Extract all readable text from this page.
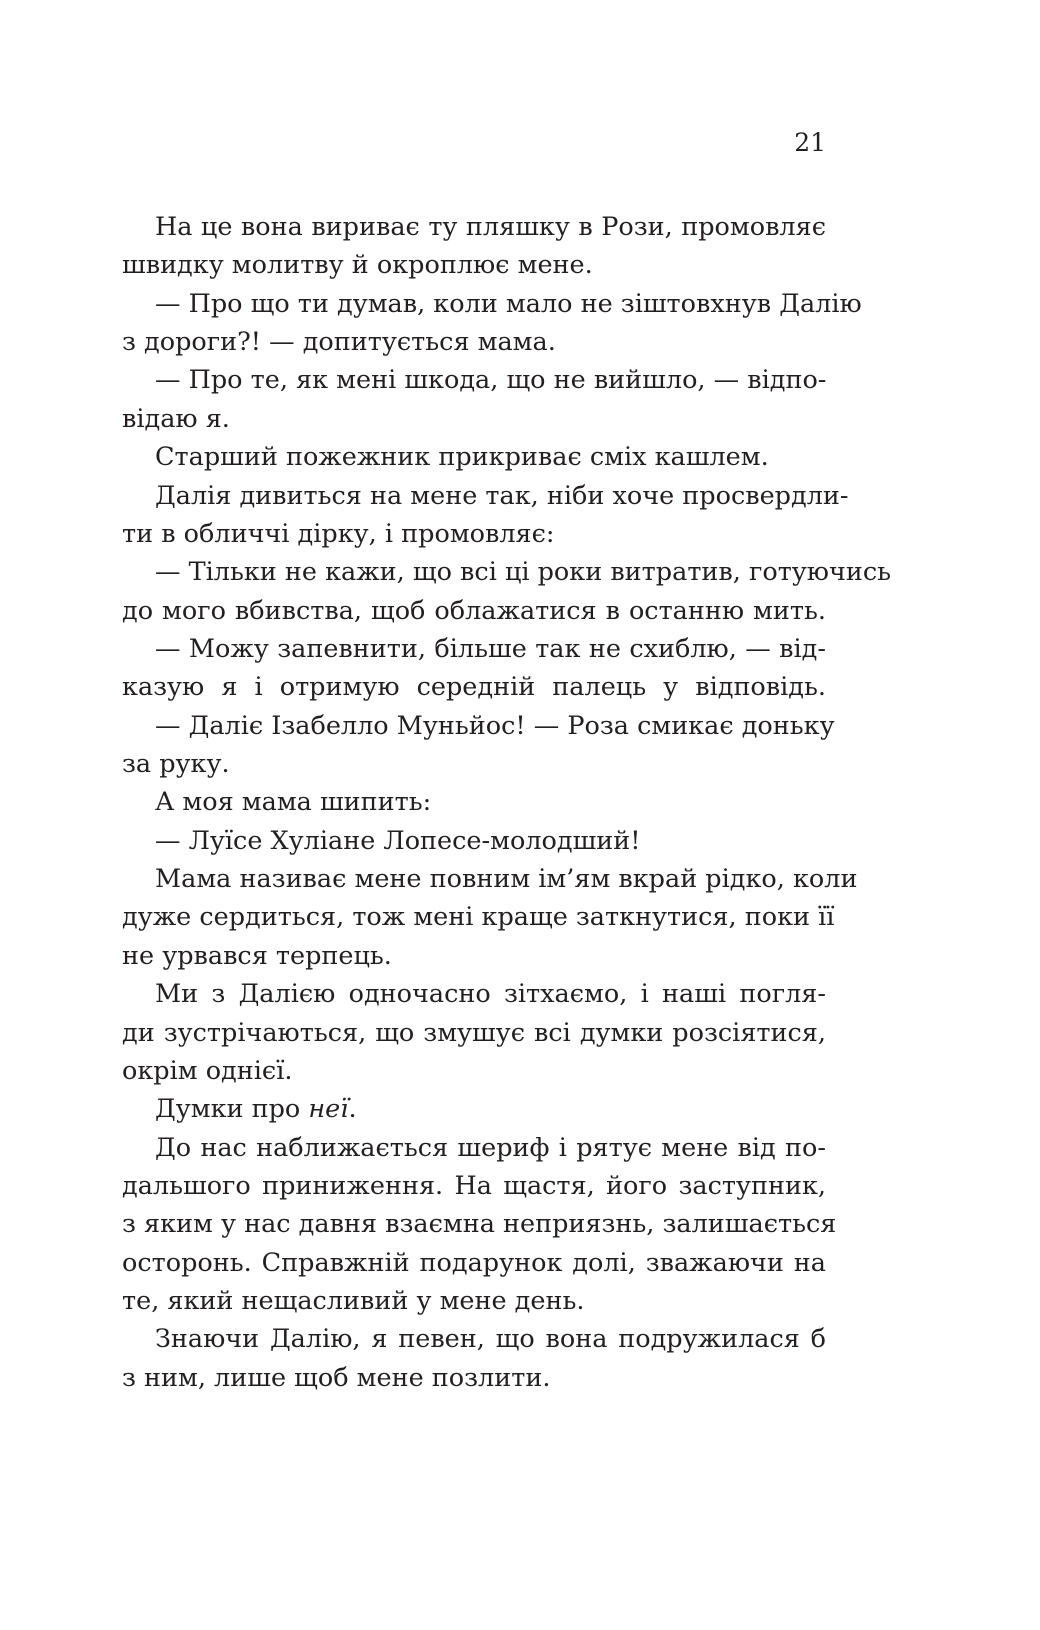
21
На це вона вириває ту пляшку в Рози, промовляє
швидку молитву й окроплює мене.
— Про що ти думав, коли мало не зіштовхнув Далію
з дороги?! — допитується мама.
— Про те, як мені шкода, що не вийшло, — відпо-
відаю я.
Старший пожежник прикриває сміх кашлем.
Далія дивиться на мене так, ніби хоче просвердли-
ти в обличчі дірку, і промовляє:
— Тільки не кажи, що всі ці роки витратив, готуючись
до мого вбивства, щоб облажатися в останню мить.
— Можу запевнити, більше так не схиблю, — від-
казую я і отримую середній палець у відповідь.
— Даліє Ізабелло Муньйос! — Роза смикає доньку
за руку.
А моя мама шипить:
— Луїсе Хуліане Лопесе-молодший!
Мама називає мене повним ім’ям вкрай рідко, коли
дуже сердиться, тож мені краще заткнутися, поки її
не урвався терпець.
Ми з Далією одночасно зітхаємо, і наші погля-
ди зустрічаються, що змушує всі думки розсіятися,
окрім однієї.
Думки про неї.
До нас наближається шериф і рятує мене від по-
дальшого приниження. На щастя, його заступник,
з яким у нас давня взаємна неприязнь, залишається
осторонь. Справжній подарунок долі, зважаючи на
те, який нещасливий у мене день.
Знаючи Далію, я певен, що вона подружилася б
з ним, лише щоб мене позлити.
